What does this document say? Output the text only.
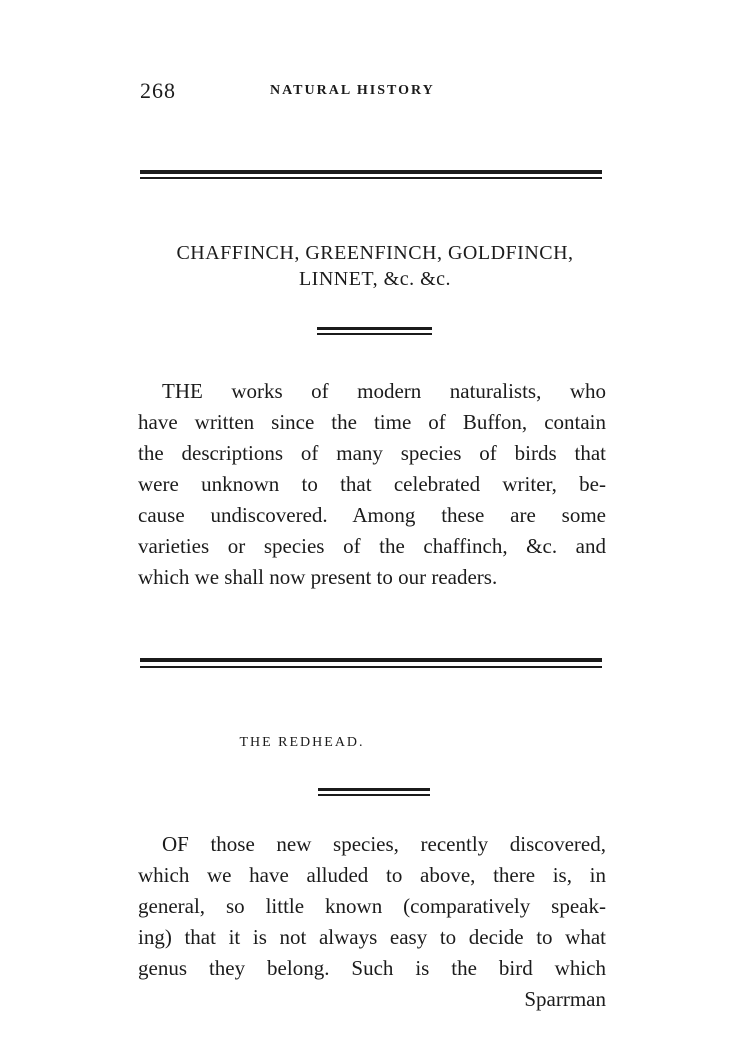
268	NATURAL HISTORY
CHAFFINCH, GREENFINCH, GOLDFINCH,
LINNET, &c. &c.
THE works of modern naturalists, who
have written since the time of Buffon, contain
the descriptions of many species of birds that
were unknown to that celebrated writer, be-
cause undiscovered. Among these are some
varieties or species of the chaffinch, &c. and
which we shall now present to our readers.
THE REDHEAD.
OF those new species, recently discovered,
which we have alluded to above, there is, in
general, so little known (comparatively speak-
ing) that it is not always easy to decide to what
genus they belong. Such is the bird which
Sparrman
